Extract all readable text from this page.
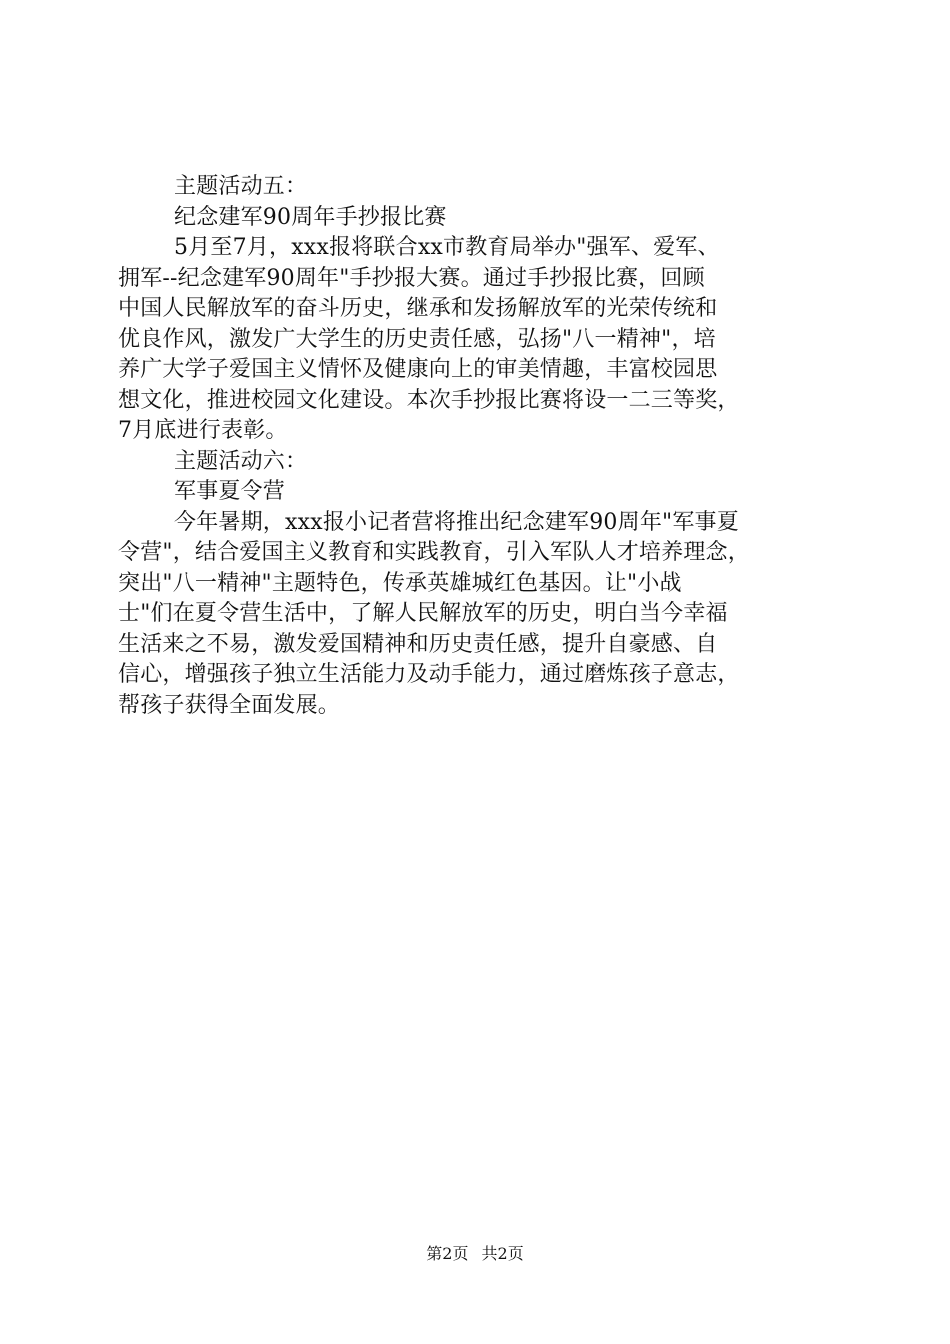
主题活动五：
纪念建军90周年手抄报比赛
5月至7月，xxx报将联合xx市教育局举办"强军、爱军、
拥军--纪念建军90周年"手抄报大赛。通过手抄报比赛，回顾
中国人民解放军的奋斗历史，继承和发扬解放军的光荣传统和
优良作风，激发广大学生的历史责任感，弘扬"八一精神"，培
养广大学子爱国主义情怀及健康向上的审美情趣，丰富校园思
想文化，推进校园文化建设。本次手抄报比赛将设一二三等奖，
7月底进行表彰。
主题活动六：
军事夏令营
今年暑期，xxx报小记者营将推出纪念建军90周年"军事夏
令营"，结合爱国主义教育和实践教育，引入军队人才培养理念，
突出"八一精神"主题特色，传承英雄城红色基因。让"小战
士"们在夏令营生活中，了解人民解放军的历史，明白当今幸福
生活来之不易，激发爱国精神和历史责任感，提升自豪感、自
信心，增强孩子独立生活能力及动手能力，通过磨炼孩子意志，
帮孩子获得全面发展。
第2页 共2页
